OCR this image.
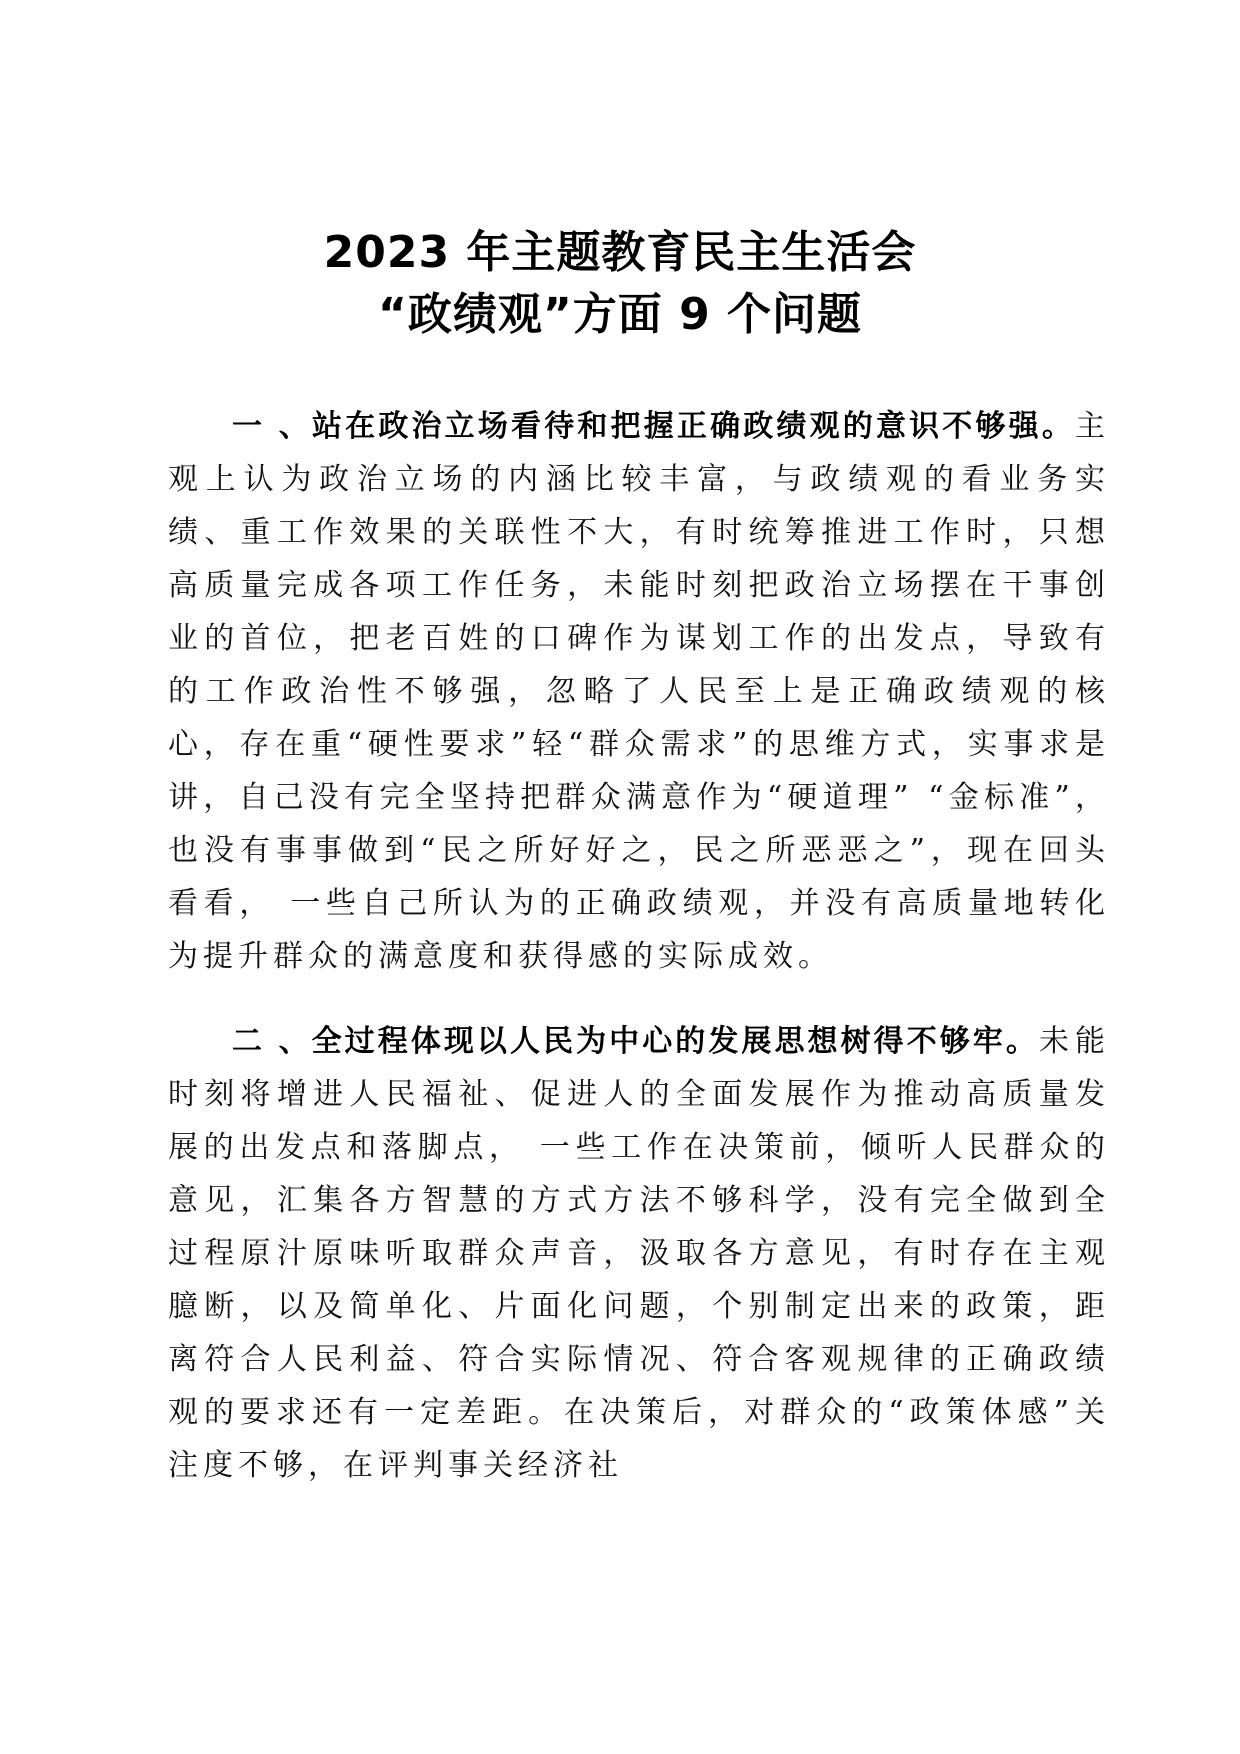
2023 年主题教育民主生活会
“政绩观”方面 9 个问题

一 、站在政治立场看待和把握正确政绩观的意识不够强。主观上认为政治立场的内涵比较丰富，与政绩观的看业务实绩、重工作效果的关联性不大，有时统筹推进工作时，只想高质量完成各项工作任务，未能时刻把政治立场摆在干事创业的首位，把老百姓的口碑作为谋划工作的出发点，导致有的工作政治性不够强，忽略了人民至上是正确政绩观的核心，存在重“硬性要求”轻“群众需求”的思维方式，实事求是讲，自己没有完全坚持把群众满意作为“硬道理” “金标准”，也没有事事做到“民之所好好之，民之所恶恶之”，现在回头看看， 一些自己所认为的正确政绩观，并没有高质量地转化为提升群众的满意度和获得感的实际成效。

二 、全过程体现以人民为中心的发展思想树得不够牢。未能时刻将增进人民福祉、促进人的全面发展作为推动高质量发展的出发点和落脚点， 一些工作在决策前，倾听人民群众的意见，汇集各方智慧的方式方法不够科学，没有完全做到全过程原汁原味听取群众声音，汲取各方意见，有时存在主观臆断，以及简单化、片面化问题，个别制定出来的政策，距离符合人民利益、符合实际情况、符合客观规律的正确政绩观的要求还有一定差距。在决策后，对群众的“政策体感”关注度不够，在评判事关经济社
